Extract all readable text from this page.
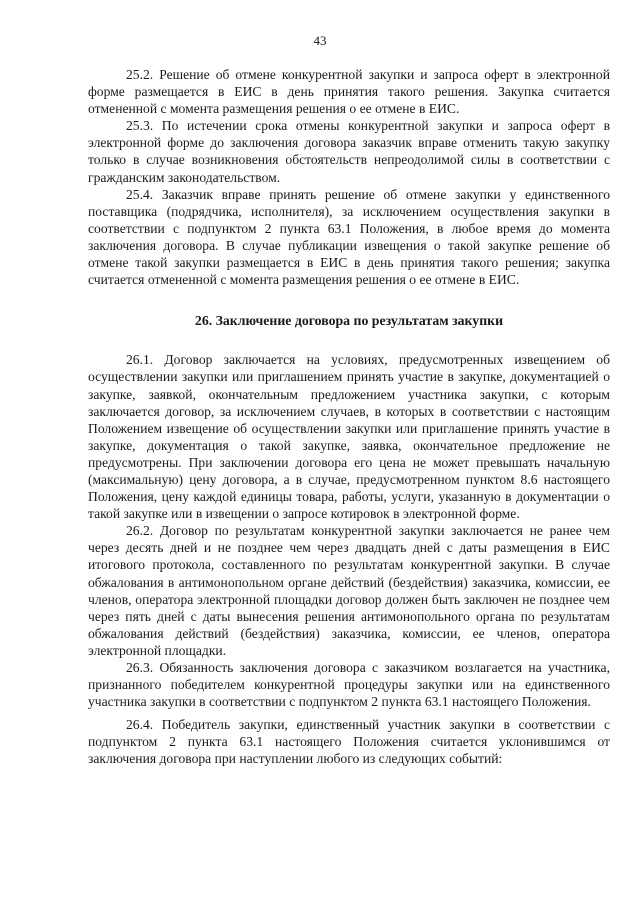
43

25.2. Решение об отмене конкурентной закупки и запроса оферт в электронной форме размещается в ЕИС в день принятия такого решения. Закупка считается отмененной с момента размещения решения о ее отмене в ЕИС.

25.3. По истечении срока отмены конкурентной закупки и запроса оферт в электронной форме до заключения договора заказчик вправе отменить такую закупку только в случае возникновения обстоятельств непреодолимой силы в соответствии с гражданским законодательством.

25.4. Заказчик вправе принять решение об отмене закупки у единственного поставщика (подрядчика, исполнителя), за исключением осуществления закупки в соответствии с подпунктом 2 пункта 63.1 Положения, в любое время до момента заключения договора. В случае публикации извещения о такой закупке решение об отмене такой закупки размещается в ЕИС в день принятия такого решения; закупка считается отмененной с момента размещения решения о ее отмене в ЕИС.

26. Заключение договора по результатам закупки

26.1. Договор заключается на условиях, предусмотренных извещением об осуществлении закупки или приглашением принять участие в закупке, документацией о закупке, заявкой, окончательным предложением участника закупки, с которым заключается договор, за исключением случаев, в которых в соответствии с настоящим Положением извещение об осуществлении закупки или приглашение принять участие в закупке, документация о такой закупке, заявка, окончательное предложение не предусмотрены. При заключении договора его цена не может превышать начальную (максимальную) цену договора, а в случае, предусмотренном пунктом 8.6 настоящего Положения, цену каждой единицы товара, работы, услуги, указанную в документации о такой закупке или в извещении о запросе котировок в электронной форме.

26.2. Договор по результатам конкурентной закупки заключается не ранее чем через десять дней и не позднее чем через двадцать дней с даты размещения в ЕИС итогового протокола, составленного по результатам конкурентной закупки. В случае обжалования в антимонопольном органе действий (бездействия) заказчика, комиссии, ее членов, оператора электронной площадки договор должен быть заключен не позднее чем через пять дней с даты вынесения решения антимонопольного органа по результатам обжалования действий (бездействия) заказчика, комиссии, ее членов, оператора электронной площадки.

26.3. Обязанность заключения договора с заказчиком возлагается на участника, признанного победителем конкурентной процедуры закупки или на единственного участника закупки в соответствии с подпунктом 2 пункта 63.1 настоящего Положения.

26.4. Победитель закупки, единственный участник закупки в соответствии с подпунктом 2 пункта 63.1 настоящего Положения считается уклонившимся от заключения договора при наступлении любого из следующих событий:
